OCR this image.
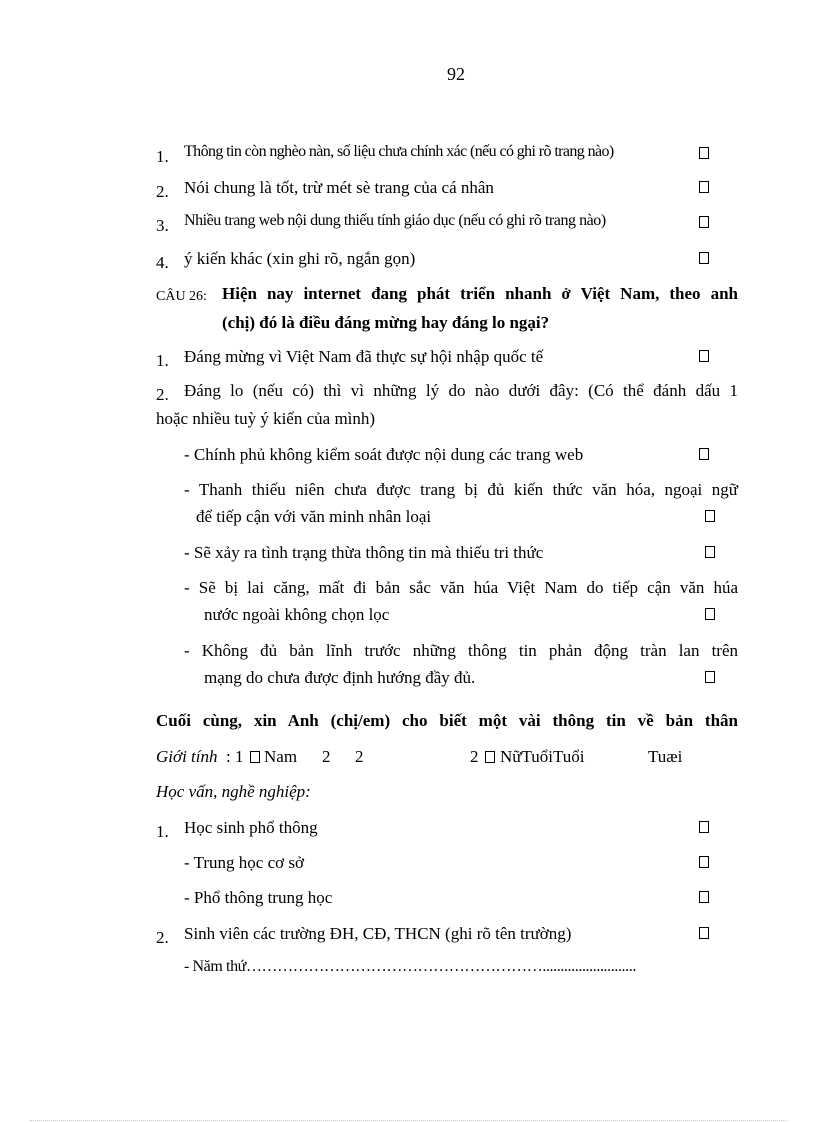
92
1. Thông tin còn nghèo nàn, số liệu chưa chính xác (nếu có ghi rõ trang nào)
2. Nói chung là tốt, trừ mét sè trang của cá nhân
3. Nhiều trang web nội dung thiếu tính giáo dục (nếu có ghi rõ trang nào)
4. ý kiến khác (xin ghi rõ, ngắn gọn)
CÂU 26: Hiện nay internet đang phát triển nhanh ở Việt Nam, theo anh
(chị) đó là điều đáng mừng hay đáng lo ngại?
1. Đáng mừng vì Việt Nam đã thực sự hội nhập quốc tế
2. Đáng lo (nếu có) thì vì những lý do nào dưới đây: (Có thể đánh dấu 1
hoặc nhiều tuỳ ý kiến của mình)
- Chính phủ không kiểm soát được nội dung các trang web
- Thanh thiếu niên chưa được trang bị đủ kiến thức văn hóa, ngoại ngữ
để tiếp cận với văn minh nhân loại
- Sẽ xảy ra tình trạng thừa thông tin mà thiếu tri thức
- Sẽ bị lai căng, mất đi bản sắc văn húa Việt Nam do tiếp cận văn húa
nước ngoài không chọn lọc
- Không đủ bản lĩnh trước những thông tin phản động tràn lan trên
mạng do chưa được định hướng đầy đủ.
Cuối cùng, xin Anh (chị/em) cho biết một vài thông tin về bản thân
Giới tính : 1 Nam 2 2	2 NữTuổiTuổi	Tuæi
Học vấn, nghề nghiệp:
1. Học sinh phổ thông
- Trung học cơ sở
- Phổ thông trung học
2. Sinh viên các trường ĐH, CĐ, THCN (ghi rõ tên trường)
- Năm thứ…………………………………………………..........................
